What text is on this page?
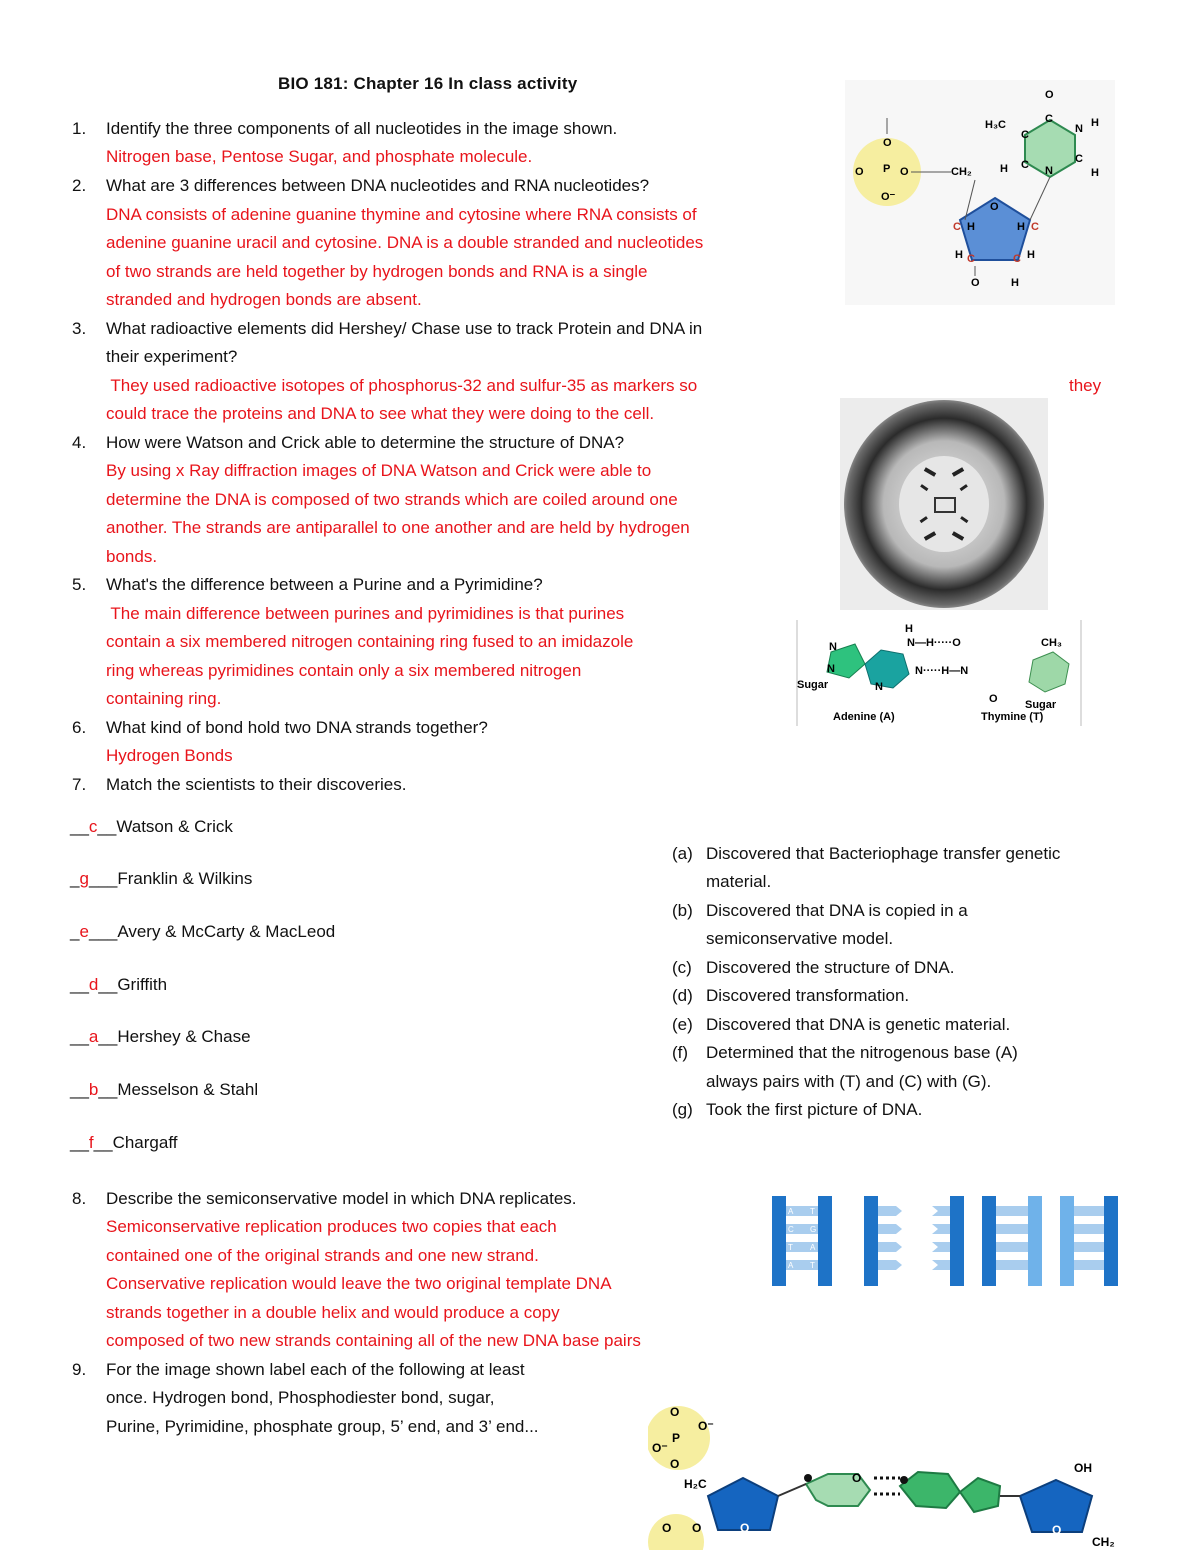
BIO 181: Chapter 16 In class activity
1. Identify the three components of all nucleotides in the image shown.
Nitrogen base, Pentose Sugar, and phosphate molecule.
2. What are 3 differences between DNA nucleotides and RNA nucleotides?
DNA consists of adenine guanine thymine and cytosine where RNA consists of
adenine guanine uracil and cytosine. DNA is a double stranded and nucleotides
of two strands are held together by hydrogen bonds and RNA is a single
stranded and hydrogen bonds are absent.
3. What radioactive elements did Hershey/ Chase use to track Protein and DNA in
their experiment?
They used radioactive isotopes of phosphorus-32 and sulfur-35 as markers so	they
could trace the proteins and DNA to see what they were doing to the cell.
4. How were Watson and Crick able to determine the structure of DNA?
By using x Ray diffraction images of DNA Watson and Crick were able to
determine the DNA is composed of two strands which are coiled around one
another. The strands are antiparallel to one another and are held by hydrogen
bonds.
5. What's the difference between a Purine and a Pyrimidine?
The main difference between purines and pyrimidines is that purines
contain a six membered nitrogen containing ring fused to an imidazole
ring whereas pyrimidines contain only a six membered nitrogen
containing ring.
6. What kind of bond hold two DNA strands together?
Hydrogen Bonds
7. Match the scientists to their discoveries.
__c__Watson & Crick
_g___Franklin & Wilkins
_e___Avery & McCarty & MacLeod
__d__Griffith
__a__Hershey & Chase
__b__Messelson & Stahl
__f__Chargaff
(a) Discovered that Bacteriophage transfer genetic
material.
(b) Discovered that DNA is copied in a
semiconservative model.
(c) Discovered the structure of DNA.
(d) Discovered transformation.
(e) Discovered that DNA is genetic material.
(f) Determined that the nitrogenous base (A)
always pairs with (T) and (C) with (G).
(g) Took the first picture of DNA.
8. Describe the semiconservative model in which DNA replicates.
Semiconservative replication produces two copies that each
contained one of the original strands and one new strand.
Conservative replication would leave the two original template DNA
strands together in a double helix and would produce a copy
composed of two new strands containing all of the new DNA base pairs
9. For the image shown label each of the following at least
once. Hydrogen bond, Phosphodiester bond, sugar,
Purine, Pyrimidine, phosphate group, 5’ end, and 3’ end...
O
P
O	O
O⁻
CH₂
O
C H	H C
H C	C H
O	H
O
H₃C
C
C
N H
H C N
C
H
H
N—H·····O	CH₃
N
N·····H—N
N
Sugar	N
O Sugar
Adenine (A)	Thymine (T)
A T
C G
T A
A T
O
O⁻
P
O
O⁻
H₂C
O
O
OH
O
CH₂
O O
